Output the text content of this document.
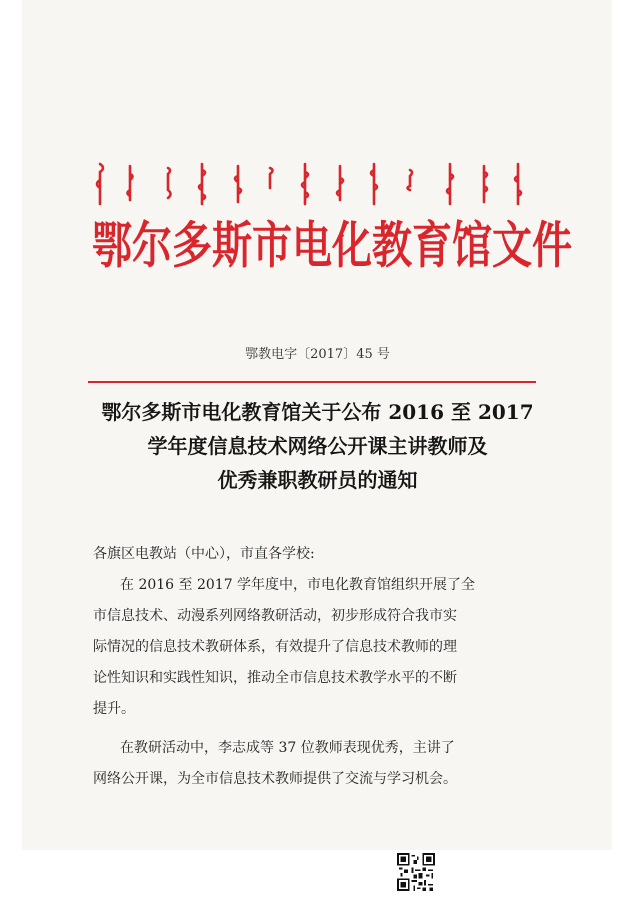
鄂尔多斯市电化教育馆文件
鄂教电字〔2017〕45 号
鄂尔多斯市电化教育馆关于公布 2016 至 2017
学年度信息技术网络公开课主讲教师及
优秀兼职教研员的通知
各旗区电教站（中心），市直各学校:
在 2016 至 2017 学年度中，市电化教育馆组织开展了全
市信息技术、动漫系列网络教研活动，初步形成符合我市实
际情况的信息技术教研体系，有效提升了信息技术教师的理
论性知识和实践性知识，推动全市信息技术教学水平的不断
提升。
在教研活动中，李志成等 37 位教师表现优秀，主讲了
网络公开课，为全市信息技术教师提供了交流与学习机会。
